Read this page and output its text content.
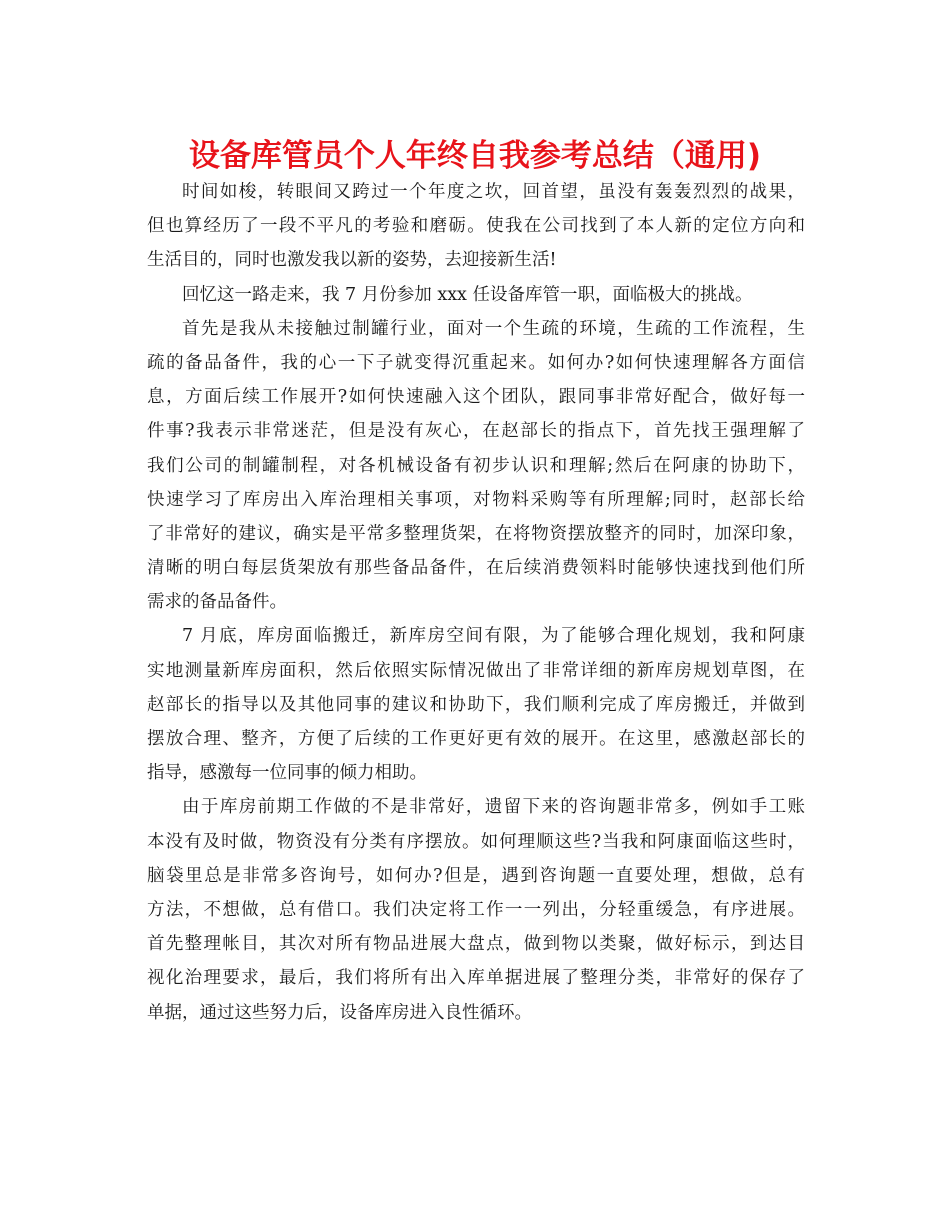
设备库管员个人年终自我参考总结（通用)

时间如梭，转眼间又跨过一个年度之坎，回首望，虽没有轰轰烈烈的战果，
但也算经历了一段不平凡的考验和磨砺。使我在公司找到了本人新的定位方向和
生活目的，同时也激发我以新的姿势，去迎接新生活!

回忆这一路走来，我 7 月份参加 xxx 任设备库管一职，面临极大的挑战。

首先是我从未接触过制罐行业，面对一个生疏的环境，生疏的工作流程，生
疏的备品备件，我的心一下子就变得沉重起来。如何办?如何快速理解各方面信
息，方面后续工作展开?如何快速融入这个团队，跟同事非常好配合，做好每一
件事?我表示非常迷茫，但是没有灰心，在赵部长的指点下，首先找王强理解了
我们公司的制罐制程，对各机械设备有初步认识和理解;然后在阿康的协助下，
快速学习了库房出入库治理相关事项，对物料采购等有所理解;同时，赵部长给
了非常好的建议，确实是平常多整理货架，在将物资摆放整齐的同时，加深印象，
清晰的明白每层货架放有那些备品备件，在后续消费领料时能够快速找到他们所
需求的备品备件。

7 月底，库房面临搬迁，新库房空间有限，为了能够合理化规划，我和阿康
实地测量新库房面积，然后依照实际情况做出了非常详细的新库房规划草图，在
赵部长的指导以及其他同事的建议和协助下，我们顺利完成了库房搬迁，并做到
摆放合理、整齐，方便了后续的工作更好更有效的展开。在这里，感激赵部长的
指导，感激每一位同事的倾力相助。

由于库房前期工作做的不是非常好，遗留下来的咨询题非常多，例如手工账
本没有及时做，物资没有分类有序摆放。如何理顺这些?当我和阿康面临这些时，
脑袋里总是非常多咨询号，如何办?但是，遇到咨询题一直要处理，想做，总有
方法，不想做，总有借口。我们决定将工作一一列出，分轻重缓急，有序进展。
首先整理帐目，其次对所有物品进展大盘点，做到物以类聚，做好标示，到达目
视化治理要求，最后，我们将所有出入库单据进展了整理分类，非常好的保存了
单据，通过这些努力后，设备库房进入良性循环。
